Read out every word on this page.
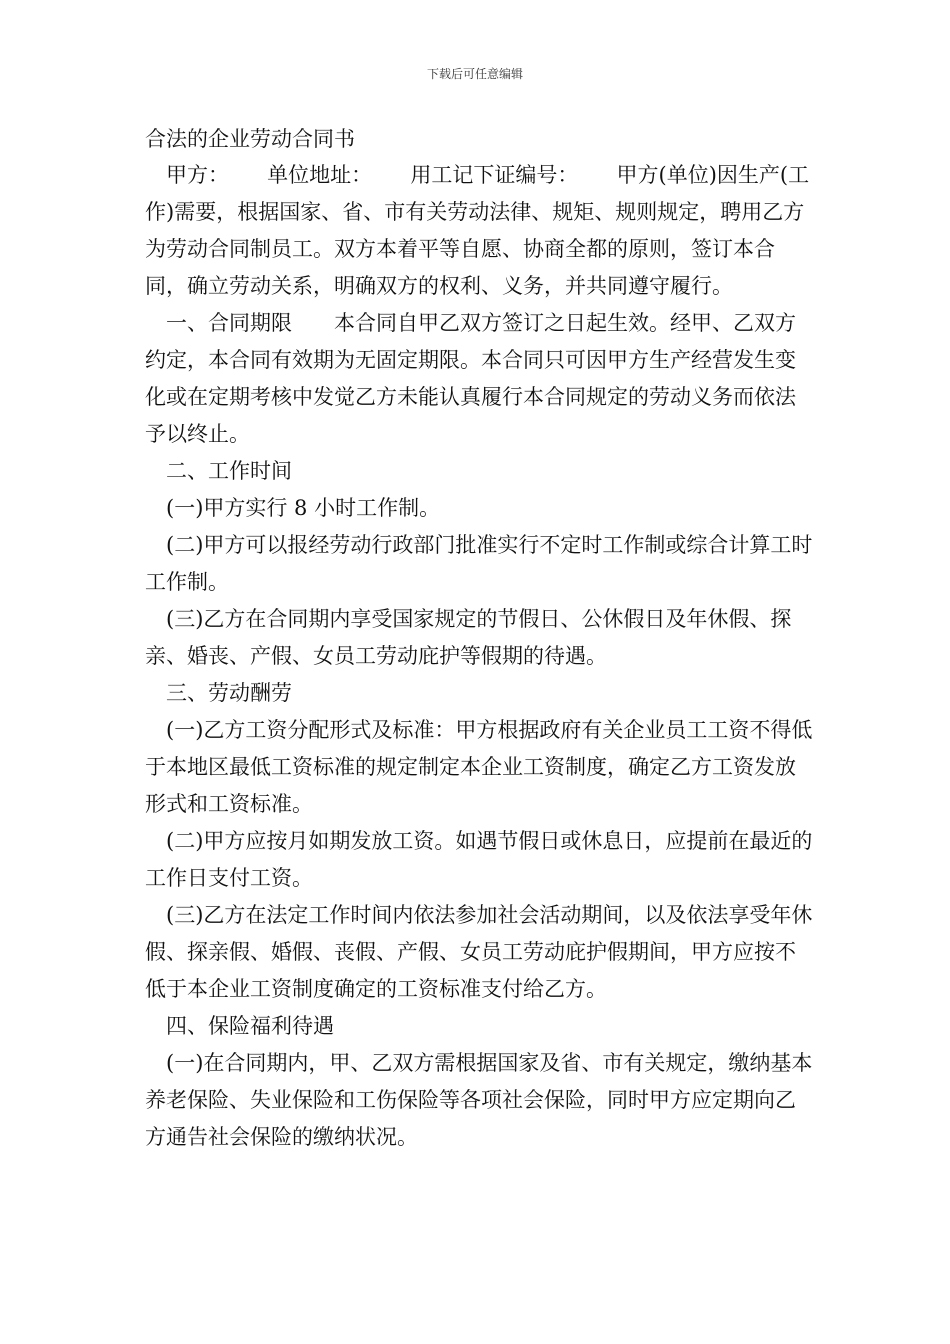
下载后可任意编辑
合法的企业劳动合同书

甲方：　　 单位地址：　　 用工记下证编号：　　 甲方(单位)因生产(工作)需要，根据国家、省、市有关劳动法律、规矩、规则规定，聘用乙方为劳动合同制员工。双方本着平等自愿、协商全都的原则，签订本合同，确立劳动关系，明确双方的权利、义务，并共同遵守履行。

一、合同期限　　本合同自甲乙双方签订之日起生效。经甲、乙双方约定，本合同有效期为无固定期限。本合同只可因甲方生产经营发生变化或在定期考核中发觉乙方未能认真履行本合同规定的劳动义务而依法予以终止。

二、工作时间

(一)甲方实行 8 小时工作制。

(二)甲方可以报经劳动行政部门批准实行不定时工作制或综合计算工时工作制。

(三)乙方在合同期内享受国家规定的节假日、公休假日及年休假、探亲、婚丧、产假、女员工劳动庇护等假期的待遇。

三、劳动酬劳

(一)乙方工资分配形式及标准：甲方根据政府有关企业员工工资不得低于本地区最低工资标准的规定制定本企业工资制度，确定乙方工资发放形式和工资标准。

(二)甲方应按月如期发放工资。如遇节假日或休息日，应提前在最近的工作日支付工资。

(三)乙方在法定工作时间内依法参加社会活动期间，以及依法享受年休假、探亲假、婚假、丧假、产假、女员工劳动庇护假期间，甲方应按不低于本企业工资制度确定的工资标准支付给乙方。

四、保险福利待遇

(一)在合同期内，甲、乙双方需根据国家及省、市有关规定，缴纳基本养老保险、失业保险和工伤保险等各项社会保险，同时甲方应定期向乙方通告社会保险的缴纳状况。
